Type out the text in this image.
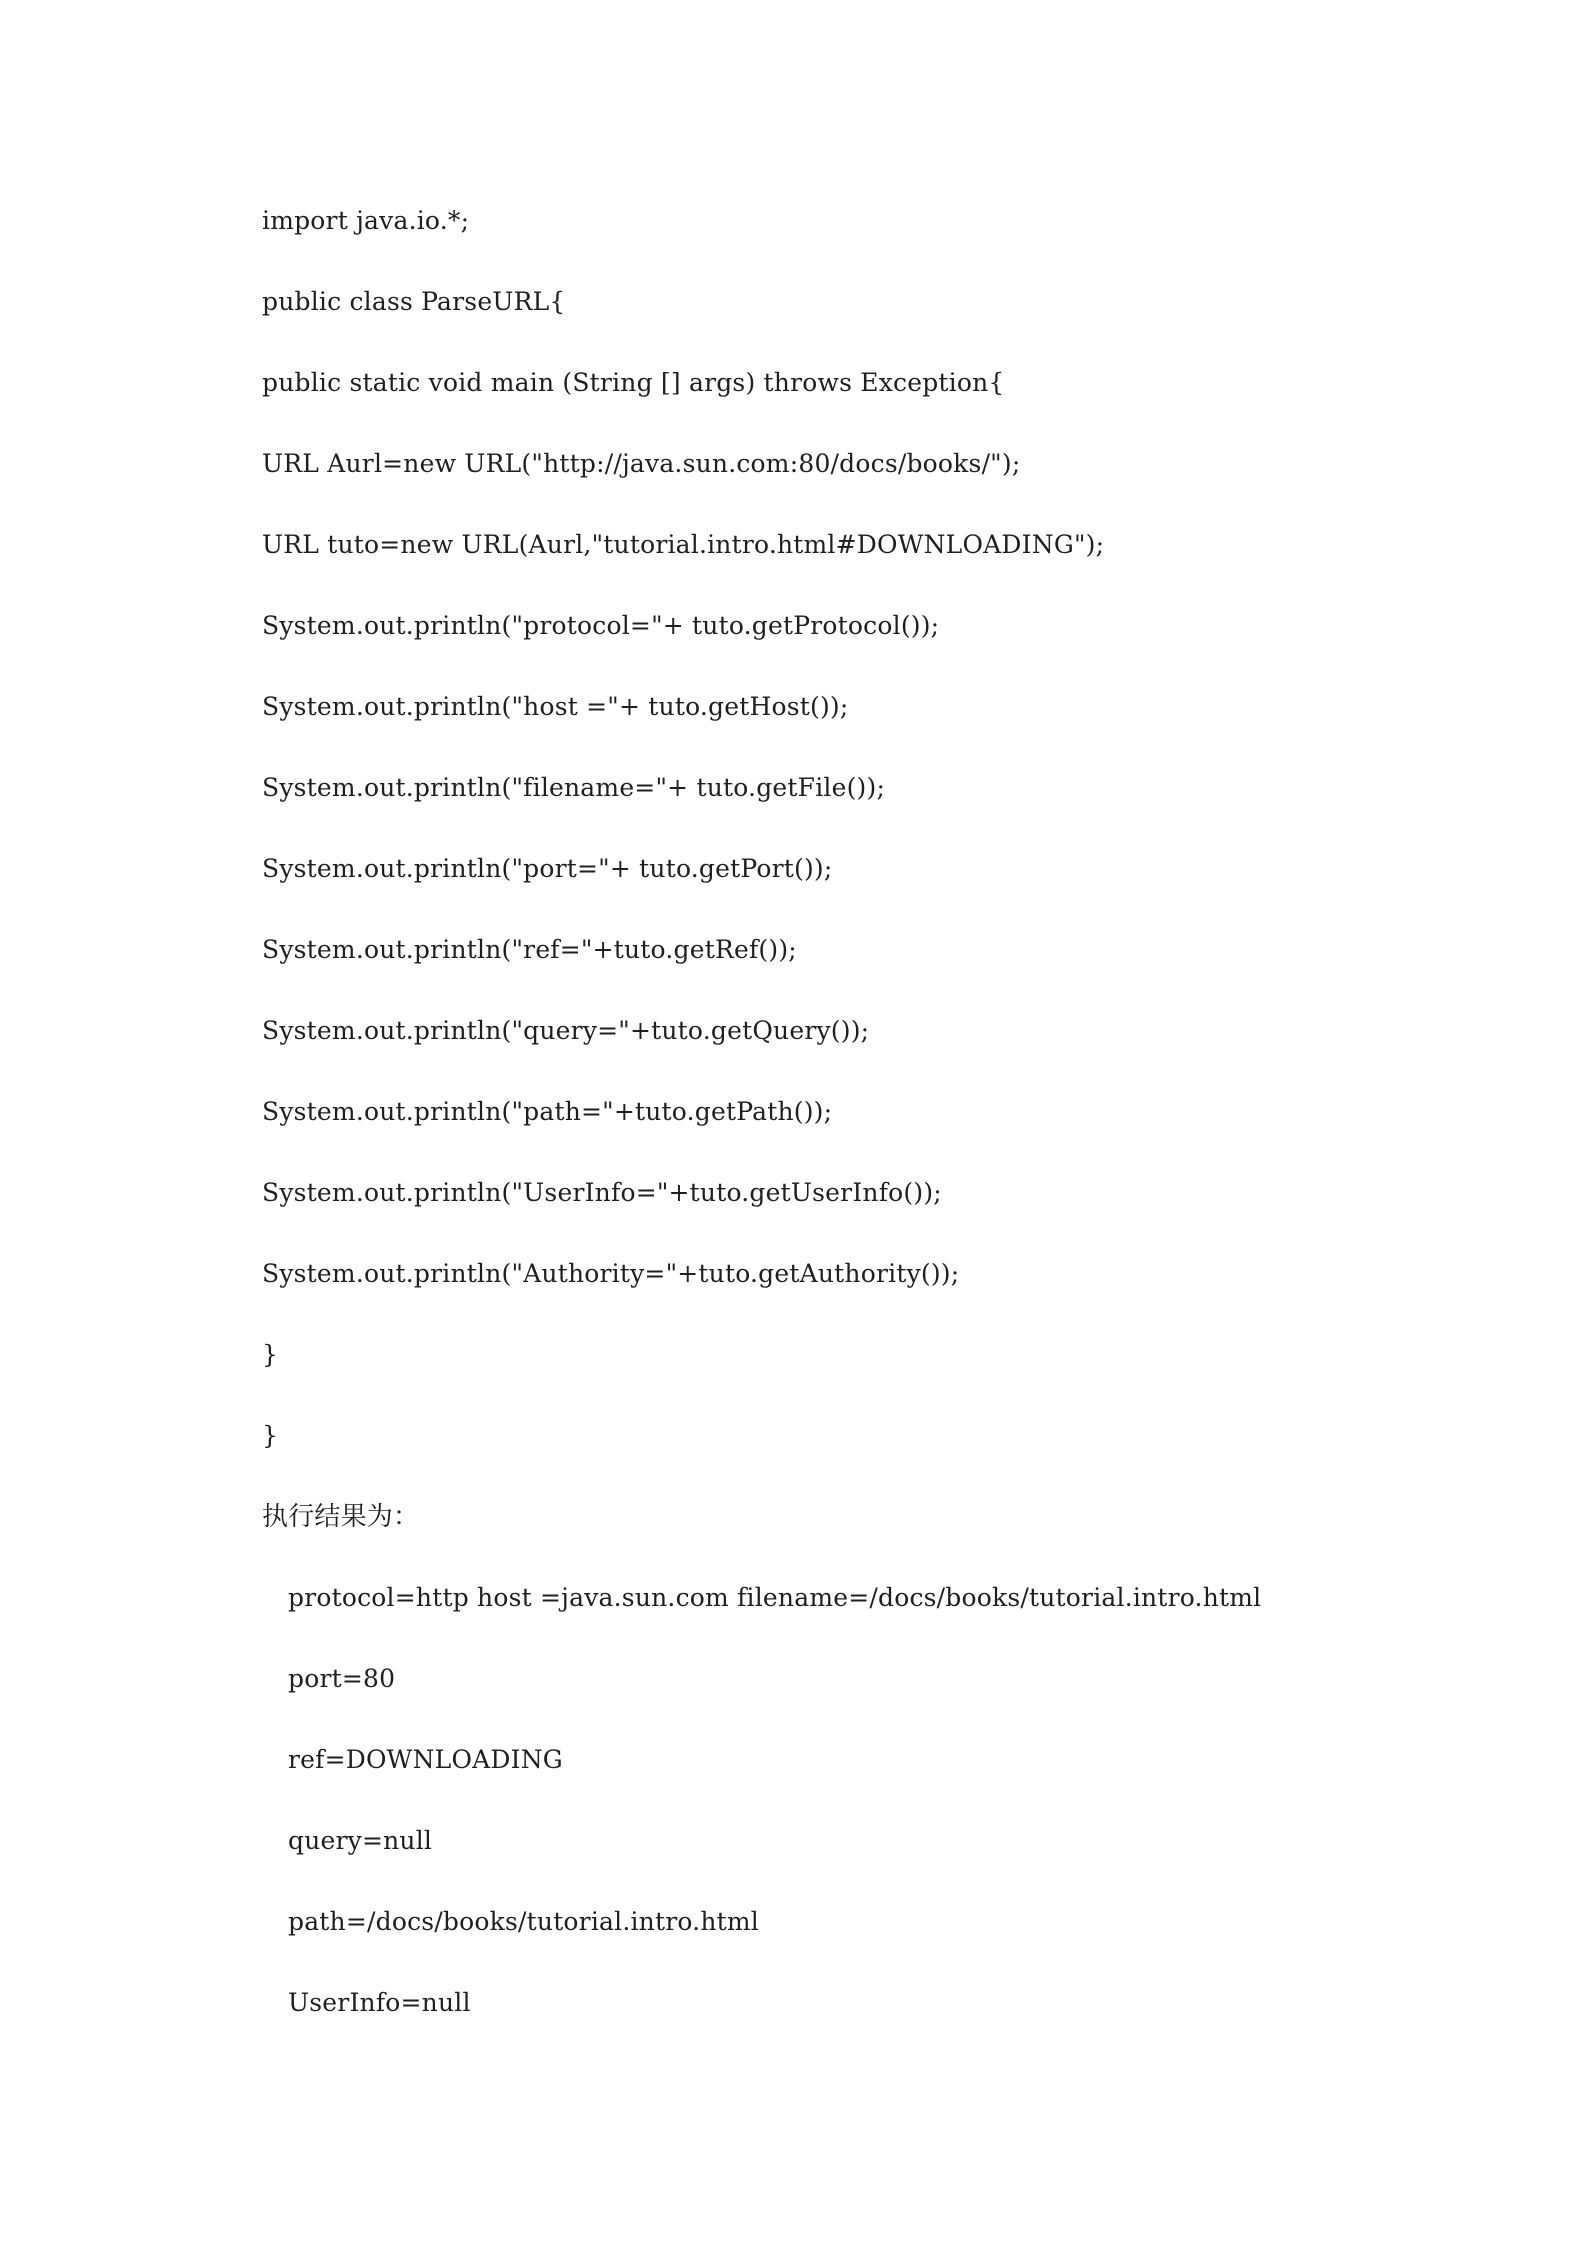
import java.io.*;
public class ParseURL{
public static void main (String [] args) throws Exception{
URL Aurl=new URL("http://java.sun.com:80/docs/books/");
URL tuto=new URL(Aurl,"tutorial.intro.html#DOWNLOADING");
System.out.println("protocol="+ tuto.getProtocol());
System.out.println("host ="+ tuto.getHost());
System.out.println("filename="+ tuto.getFile());
System.out.println("port="+ tuto.getPort());
System.out.println("ref="+tuto.getRef());
System.out.println("query="+tuto.getQuery());
System.out.println("path="+tuto.getPath());
System.out.println("UserInfo="+tuto.getUserInfo());
System.out.println("Authority="+tuto.getAuthority());
}
}
执行结果为：
protocol=http host =java.sun.com filename=/docs/books/tutorial.intro.html
port=80
ref=DOWNLOADING
query=null
path=/docs/books/tutorial.intro.html
UserInfo=null
